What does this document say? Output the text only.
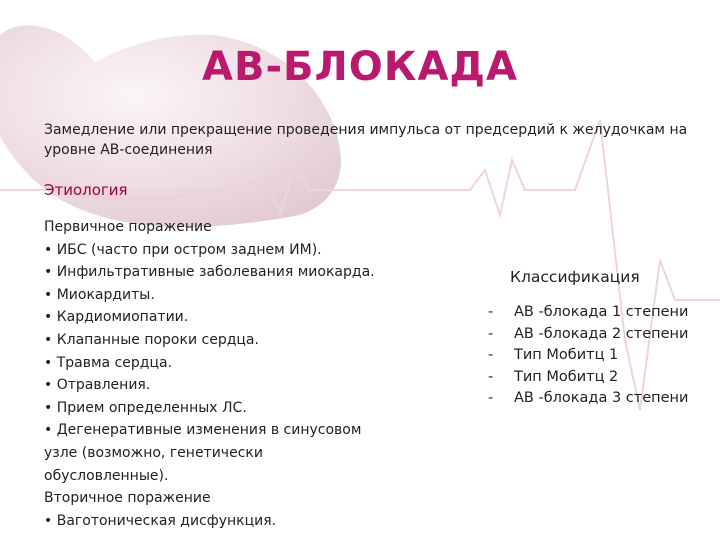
АВ-БЛОКАДА
Замедление или прекращение проведения импульса от предсердий к желудочкам на уровне АВ-соединения
Этиология
Первичное поражение
• ИБС (часто при остром заднем ИМ).
• Инфильтративные заболевания миокарда.
• Миокардиты.
• Кардиомиопатии.
• Клапанные пороки сердца.
• Травма сердца.
• Отравления.
• Прием определенных ЛС.
• Дегенеративные изменения в синусовом
узле (возможно, генетически
обусловленные).
Вторичное поражение
• Ваготоническая дисфункция.
Классификация
-	АВ -блокада 1 степени
-	АВ -блокада 2 степени
-	Тип Мобитц 1
-	Тип Мобитц 2
-	АВ -блокада 3 степени
